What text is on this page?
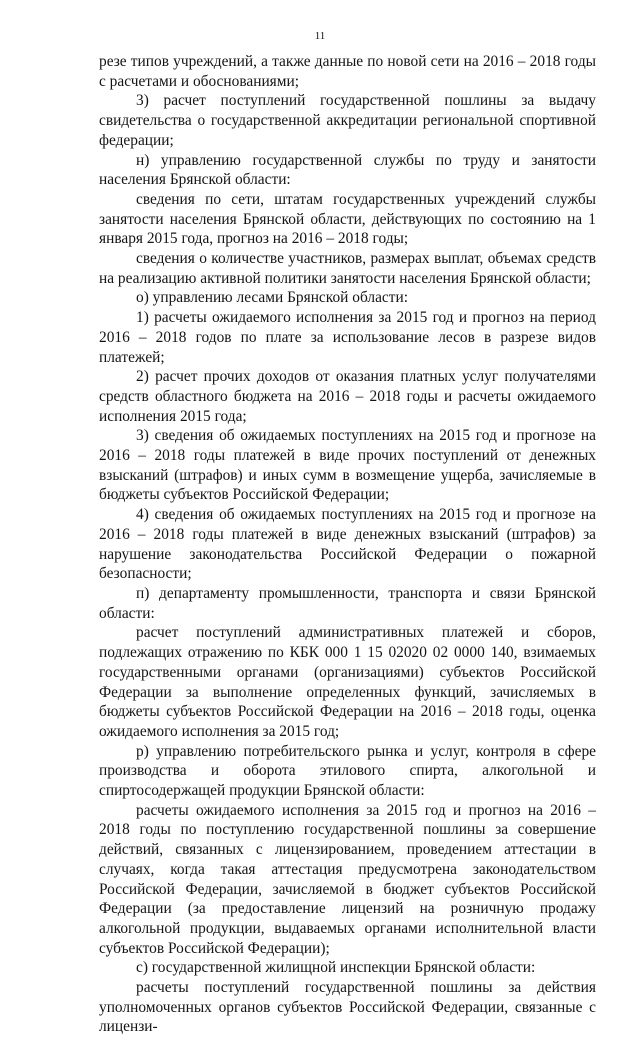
11

резе типов учреждений, а также данные по новой сети на 2016 – 2018 годы с расчетами и обоснованиями;

3) расчет поступлений государственной пошлины за выдачу свидетельства о государственной аккредитации региональной спортивной федерации;

н) управлению государственной службы по труду и занятости населения Брянской области:

сведения по сети, штатам государственных учреждений службы занятости населения Брянской области, действующих по состоянию на 1 января 2015 года, прогноз на 2016 – 2018 годы;

сведения о количестве участников, размерах выплат, объемах средств на реализацию активной политики занятости населения Брянской области;

о) управлению лесами Брянской области:

1) расчеты ожидаемого исполнения за 2015 год и прогноз на период 2016 – 2018 годов по плате за использование лесов в разрезе видов платежей;

2) расчет прочих доходов от оказания платных услуг получателями средств областного бюджета на 2016 – 2018 годы и расчеты ожидаемого исполнения 2015 года;

3) сведения об ожидаемых поступлениях на 2015 год и прогнозе на 2016 – 2018 годы платежей в виде прочих поступлений от денежных взысканий (штрафов) и иных сумм в возмещение ущерба, зачисляемые в бюджеты субъектов Российской Федерации;

4) сведения об ожидаемых поступлениях на 2015 год и прогнозе на 2016 – 2018 годы платежей в виде денежных взысканий (штрафов) за нарушение законодательства Российской Федерации о пожарной безопасности;

п) департаменту промышленности, транспорта и связи Брянской области:

расчет поступлений административных платежей и сборов, подлежащих отражению по КБК 000 1 15 02020 02 0000 140, взимаемых государственными органами (организациями) субъектов Российской Федерации за выполнение определенных функций, зачисляемых в бюджеты субъектов Российской Федерации на 2016 – 2018 годы, оценка ожидаемого исполнения за 2015 год;

р) управлению потребительского рынка и услуг, контроля в сфере производства и оборота этилового спирта, алкогольной и спиртосодержащей продукции Брянской области:

расчеты ожидаемого исполнения за 2015 год и прогноз на 2016 – 2018 годы по поступлению государственной пошлины за совершение действий, связанных с лицензированием, проведением аттестации в случаях, когда такая аттестация предусмотрена законодательством Российской Федерации, зачисляемой в бюджет субъектов Российской Федерации (за предоставление лицензий на розничную продажу алкогольной продукции, выдаваемых органами исполнительной власти субъектов Российской Федерации);

с) государственной жилищной инспекции Брянской области:

расчеты поступлений государственной пошлины за действия уполномоченных органов субъектов Российской Федерации, связанные с лицензи-
